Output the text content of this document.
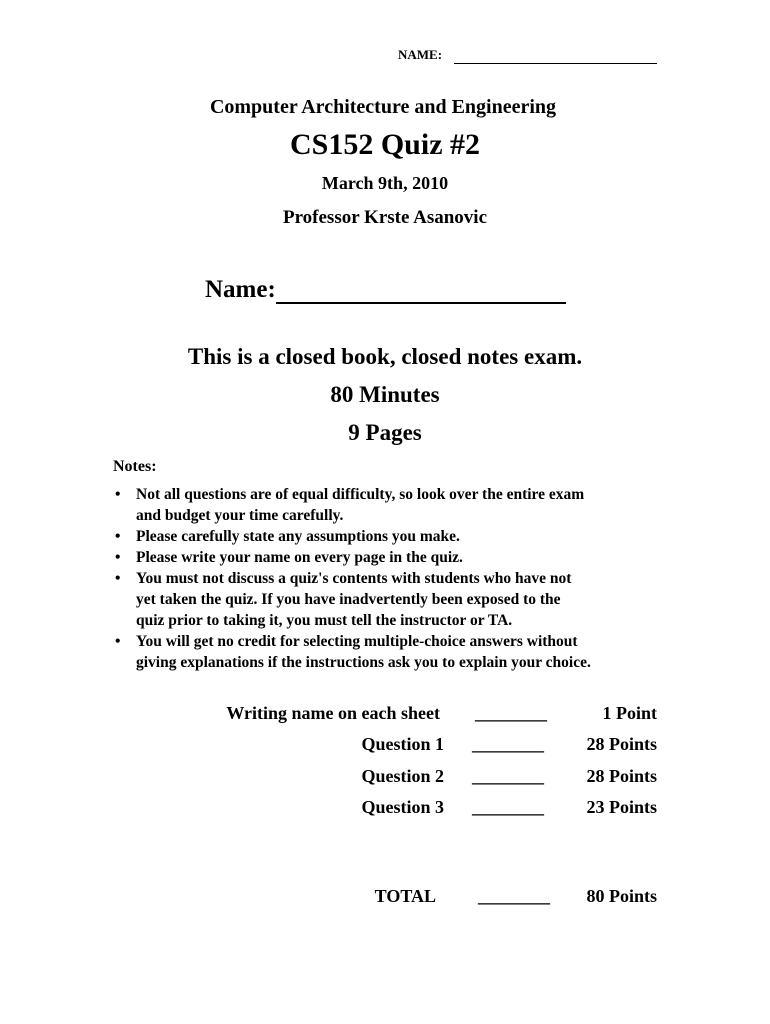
NAME:
Computer Architecture and Engineering
CS152 Quiz #2
March 9th, 2010
Professor Krste Asanovic
Name:
This is a closed book, closed notes exam.
80 Minutes
9 Pages
Notes:
• Not all questions are of equal difficulty, so look over the entire exam
and budget your time carefully.
• Please carefully state any assumptions you make.
• Please write your name on every page in the quiz.
• You must not discuss a quiz's contents with students who have not
yet taken the quiz. If you have inadvertently been exposed to the
quiz prior to taking it, you must tell the instructor or TA.
• You will get no credit for selecting multiple-choice answers without
giving explanations if the instructions ask you to explain your choice.
Writing name on each sheet ________	1 Point
Question 1 ________ 28 Points
Question 2 ________ 28 Points
Question 3 ________ 23 Points
TOTAL ________ 80 Points
